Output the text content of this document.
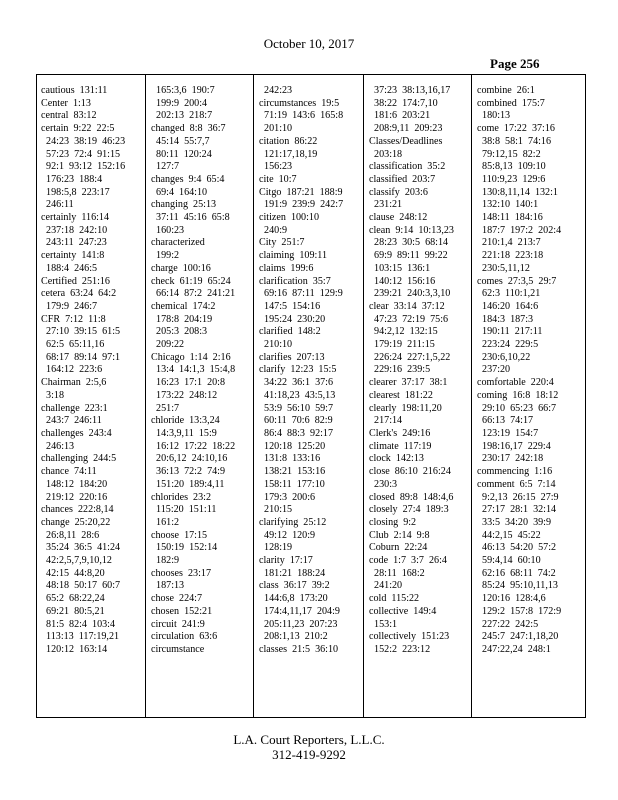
October 10, 2017
Page 256
cautious  131:11
Center  1:13
central  83:12
certain  9:22  22:5
24:23  38:19  46:23
57:23  72:4  91:15
92:1  93:12  152:16
176:23  188:4
198:5,8  223:17
246:11
certainly  116:14
237:18  242:10
243:11  247:23
certainty  141:8
188:4  246:5
Certified  251:16
cetera  63:24  64:2
179:9  246:7
CFR  7:12  11:8
27:10  39:15  61:5
62:5  65:11,16
68:17  89:14  97:1
164:12  223:6
Chairman  2:5,6
3:18
challenge  223:1
243:7  246:11
challenges  243:4
246:13
challenging  244:5
chance  74:11
148:12  184:20
219:12  220:16
chances  222:8,14
change  25:20,22
26:8,11  28:6
35:24  36:5  41:24
42:2,5,7,9,10,12
42:15  44:8,20
48:18  50:17  60:7
65:2  68:22,24
69:21  80:5,21
81:5  82:4  103:4
113:13  117:19,21
120:12  163:14
165:3,6  190:7
199:9  200:4
202:13  218:7
changed  8:8  36:7
45:14  55:7,7
80:11  120:24
127:7
changes  9:4  65:4
69:4  164:10
changing  25:13
37:11  45:16  65:8
160:23
characterized
199:2
charge  100:16
check  61:19  65:24
66:14  87:2  241:21
chemical  174:2
178:8  204:19
205:3  208:3
209:22
Chicago  1:14  2:16
13:4  14:1,3  15:4,8
16:23  17:1  20:8
173:22  248:12
251:7
chloride  13:3,24
14:3,9,11  15:9
16:12  17:22  18:22
20:6,12  24:10,16
36:13  72:2  74:9
151:20  189:4,11
chlorides  23:2
115:20  151:11
161:2
choose  17:15
150:19  152:14
182:9
chooses  23:17
187:13
chose  224:7
chosen  152:21
circuit  241:9
circulation  63:6
circumstance
242:23
circumstances  19:5
71:19  143:6  165:8
201:10
citation  86:22
121:17,18,19
156:23
cite  10:7
Citgo  187:21  188:9
191:9  239:9  242:7
citizen  100:10
240:9
City  251:7
claiming  109:11
claims  199:6
clarification  35:7
69:16  87:11  129:9
147:5  154:16
195:24  230:20
clarified  148:2
210:10
clarifies  207:13
clarify  12:23  15:5
34:22  36:1  37:6
41:18,23  43:5,13
53:9  56:10  59:7
60:11  70:6  82:9
86:4  88:3  92:17
120:18  125:20
131:8  133:16
138:21  153:16
158:11  177:10
179:3  200:6
210:15
clarifying  25:12
49:12  120:9
128:19
clarity  17:17
181:21  188:24
class  36:17  39:2
144:6,8  173:20
174:4,11,17  204:9
205:11,23  207:23
208:1,13  210:2
classes  21:5  36:10
37:23  38:13,16,17
38:22  174:7,10
181:6  203:21
208:9,11  209:23
Classes/Deadlines
203:18
classification  35:2
classified  203:7
classify  203:6
231:21
clause  248:12
clean  9:14  10:13,23
28:23  30:5  68:14
69:9  89:11  99:22
103:15  136:1
140:12  156:16
239:21  240:3,3,10
clear  33:14  37:12
47:23  72:19  75:6
94:2,12  132:15
179:19  211:15
226:24  227:1,5,22
229:16  239:5
clearer  37:17  38:1
clearest  181:22
clearly  198:11,20
217:14
Clerk's  249:16
climate  117:19
clock  142:13
close  86:10  216:24
230:3
closed  89:8  148:4,6
closely  27:4  189:3
closing  9:2
Club  2:14  9:8
Coburn  22:24
code  1:7  3:7  26:4
28:11  168:2
241:20
cold  115:22
collective  149:4
153:1
collectively  151:23
152:2  223:12
combine  26:1
combined  175:7
180:13
come  17:22  37:16
38:8  58:1  74:16
79:12,15  82:2
85:8,13  109:10
110:9,23  129:6
130:8,11,14  132:1
132:10  140:1
148:11  184:16
187:7  197:2  202:4
210:1,4  213:7
221:18  223:18
230:5,11,12
comes  27:3,5  29:7
62:3  110:1,21
146:20  164:6
184:3  187:3
190:11  217:11
223:24  229:5
230:6,10,22
237:20
comfortable  220:4
coming  16:8  18:12
29:10  65:23  66:7
66:13  74:17
123:19  154:7
198:16,17  229:4
230:17  242:18
commencing  1:16
comment  6:5  7:14
9:2,13  26:15  27:9
27:17  28:1  32:14
33:5  34:20  39:9
44:2,15  45:22
46:13  54:20  57:2
59:4,14  60:10
62:16  68:11  74:2
85:24  95:10,11,13
120:16  128:4,6
129:2  157:8  172:9
227:22  242:5
245:7  247:1,18,20
247:22,24  248:1
L.A. Court Reporters, L.L.C.
312-419-9292
